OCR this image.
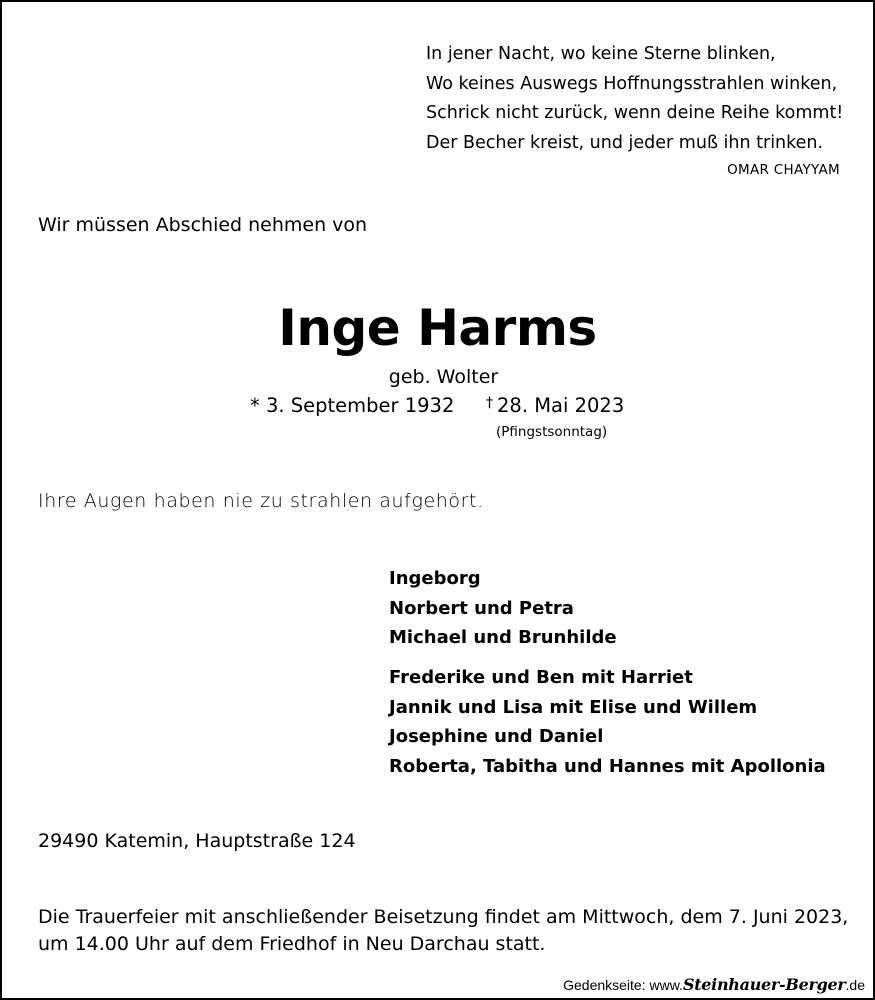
In jener Nacht, wo keine Sterne blinken,
Wo keines Auswegs Hoffnungsstrahlen winken,
Schrick nicht zurück, wenn deine Reihe kommt!
Der Becher kreist, und jeder muß ihn trinken.
OMAR CHAYYAM
Wir müssen Abschied nehmen von
Inge Harms
geb. Wolter
* 3. September 1932 † 28. Mai 2023
(Pfingstsonntag)
Ihre Augen haben nie zu strahlen aufgehört.
Ingeborg
Norbert und Petra
Michael und Brunhilde
Frederike und Ben mit Harriet
Jannik und Lisa mit Elise und Willem
Josephine und Daniel
Roberta, Tabitha und Hannes mit Apollonia
29490 Katemin, Hauptstraße 124
Die Trauerfeier mit anschließender Beisetzung findet am Mittwoch, dem 7. Juni 2023,
um 14.00 Uhr auf dem Friedhof in Neu Darchau statt.
Gedenkseite: www.Steinhauer-Berger.de
